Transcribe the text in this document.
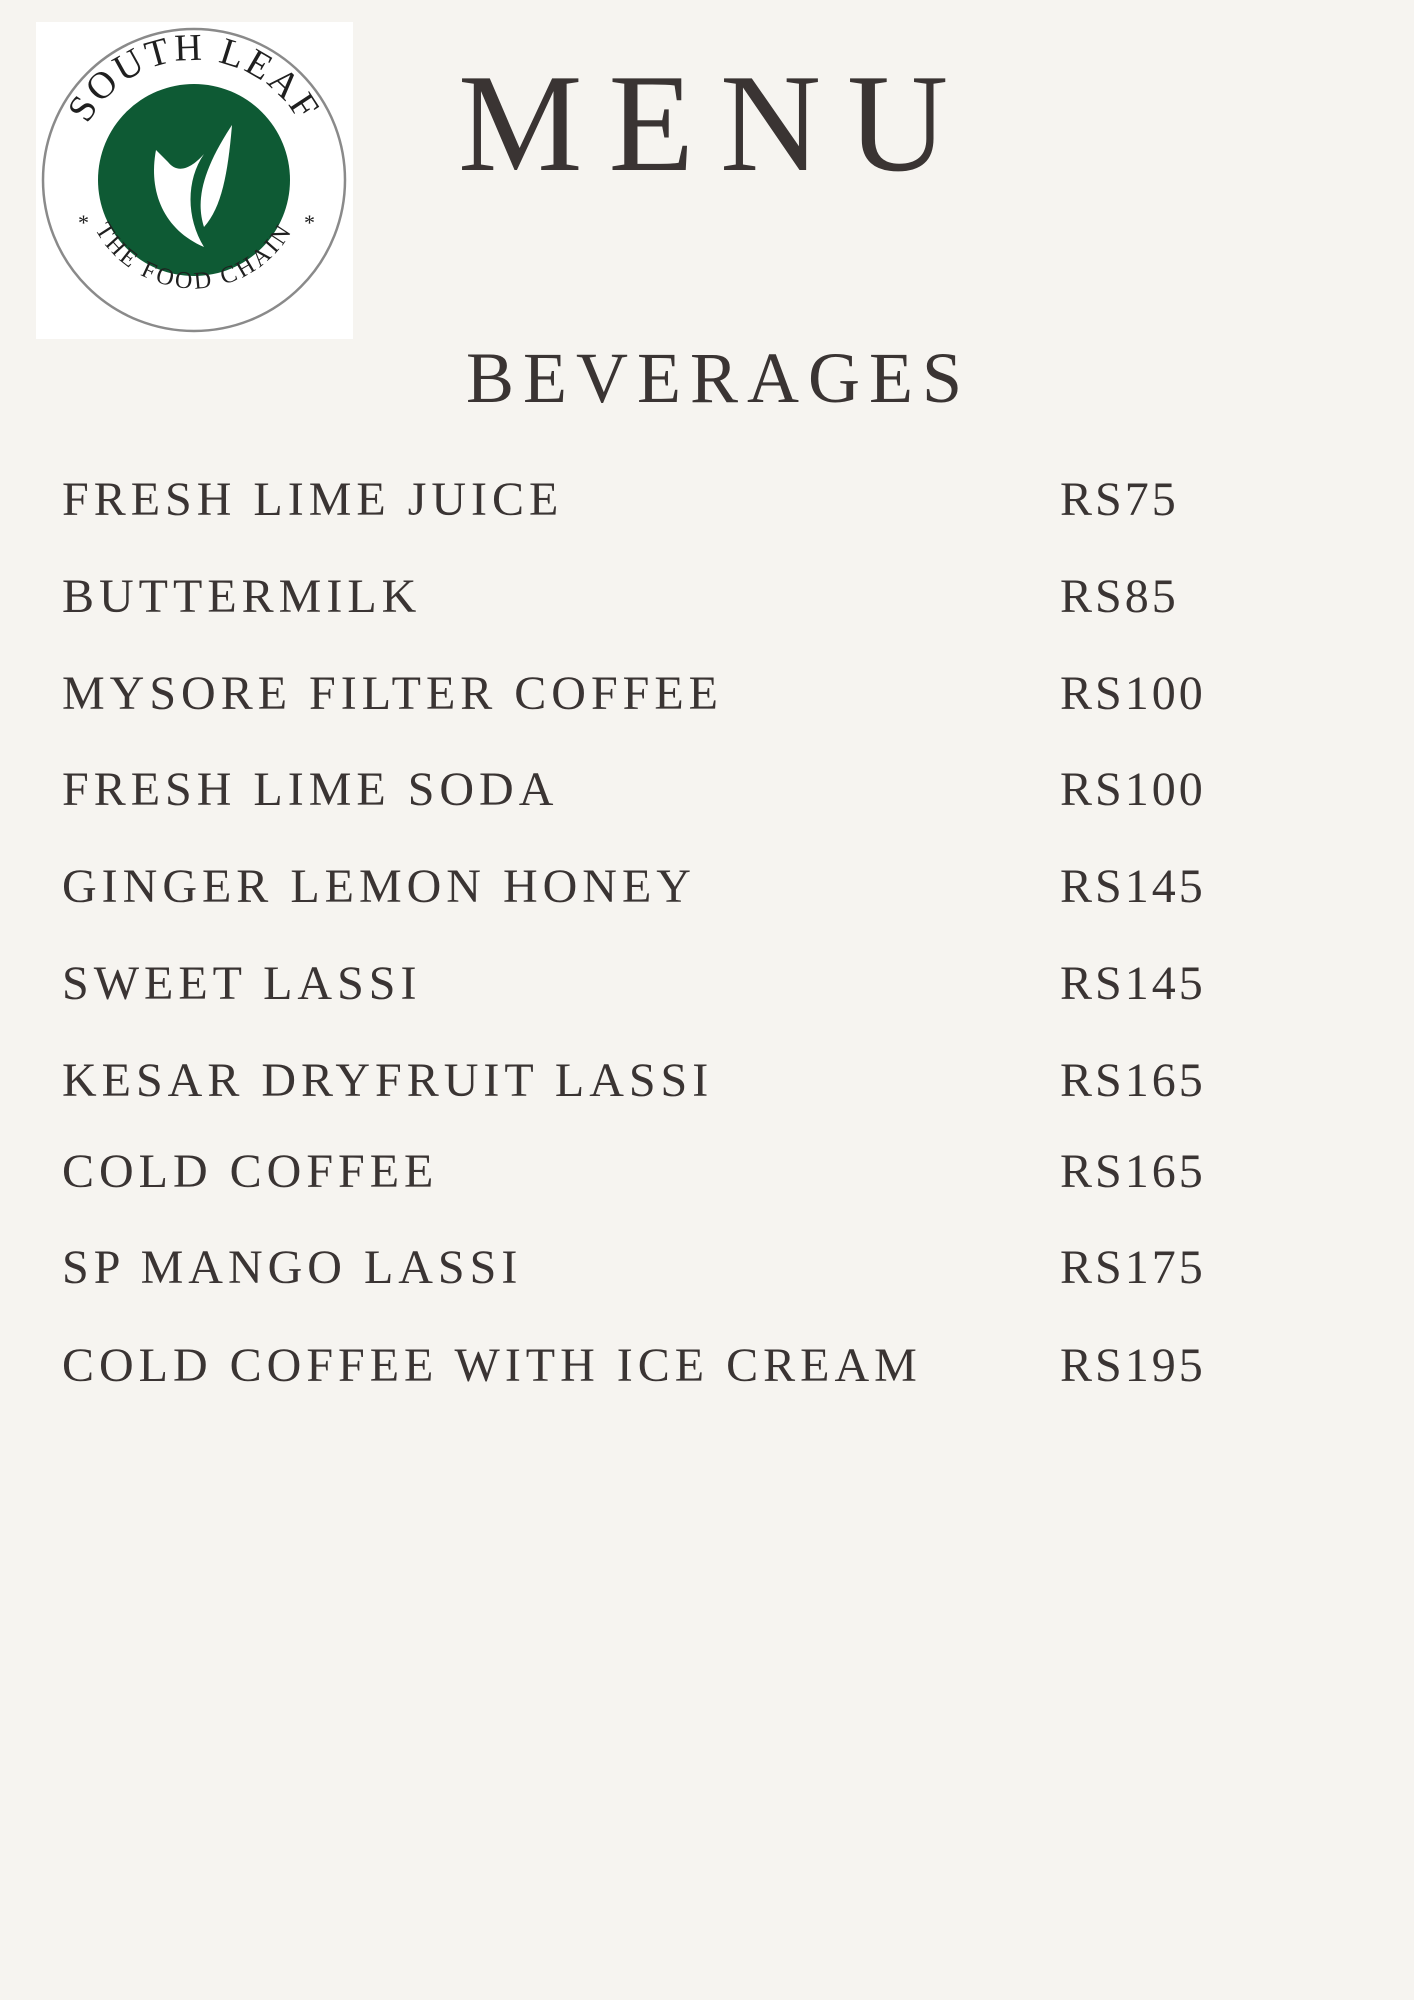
SOUTH LEAF
THE FOOD CHAIN
*	*
MENU
BEVERAGES
FRESH LIME JUICE	RS75
BUTTERMILK	RS85
MYSORE FILTER COFFEE	RS100
FRESH LIME SODA	RS100
GINGER LEMON HONEY	RS145
SWEET LASSI	RS145
KESAR DRYFRUIT LASSI	RS165
COLD COFFEE	RS165
SP MANGO LASSI	RS175
COLD COFFEE WITH ICE CREAM	RS195
